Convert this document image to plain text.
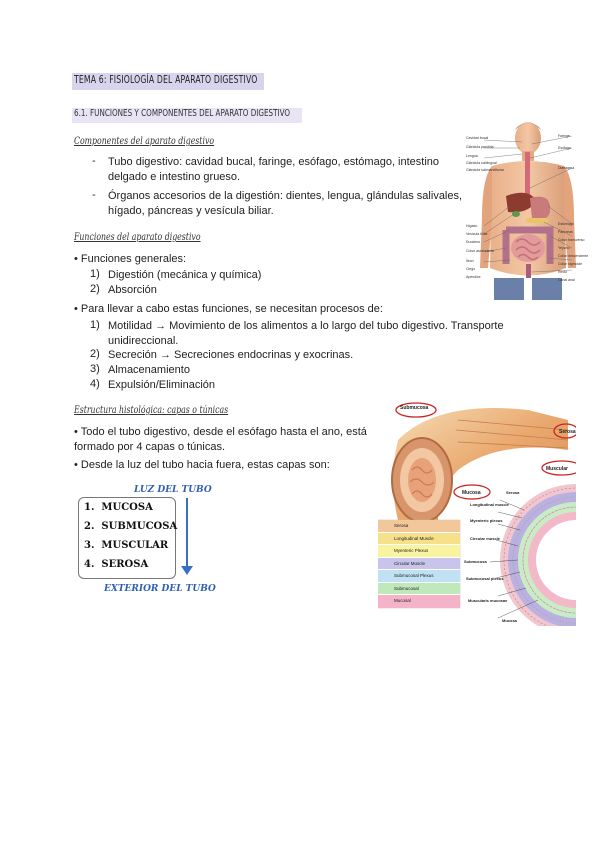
TEMA 6: FISIOLOGÍA DEL APARATO DIGESTIVO
6.1. FUNCIONES Y COMPONENTES DEL APARATO DIGESTIVO
Componentes del aparato digestivo
- Tubo digestivo: cavidad bucal, faringe, esófago, estómago, intestino
delgado e intestino grueso.
- Órganos accesorios de la digestión: dientes, lengua, glándulas salivales,
hígado, páncreas y vesícula biliar.
Funciones del aparato digestivo
• Funciones generales:
1) Digestión (mecánica y química)
2) Absorción
• Para llevar a cabo estas funciones, se necesitan procesos de:
1) Motilidad → Movimiento de los alimentos a lo largo del tubo digestivo. Transporte
unidireccional.
2) Secreción → Secreciones endocrinas y exocrinas.
3) Almacenamiento
4) Expulsión/Eliminación
Estructura histológica: capas o túnicas
• Todo el tubo digestivo, desde el esófago hasta el ano, está
formado por 4 capas o túnicas.
• Desde la luz del tubo hacia fuera, estas capas son:
LUZ DEL TUBO
1.  MUCOSA
2.  SUBMUCOSA
3.  MUSCULAR
4.  SEROSA
EXTERIOR DEL TUBO
Cavidad bucal
Glándula parótida
Lengua
Glándula sublingual
Glándula submandibular
Hígado
Vesícula biliar
Duodeno
Colon ascendente
Íleon
Ciego
Apéndice
Faringe
Esófago
Diafragma
Estómago
Páncreas
Colon transverso
Yeyuno
Colon descendente
Colon sigmoide
Recto
Canal anal
Submucosa
Serosa
Muscular
Mucosa
Serosa
Longitudinal Muscle
Myenteric Plexus
Circular Muscle
Submucosal Plexus
Submucosal
Mucosal
Serosa
Longitudinal muscle
Myenteric plexus
Circular muscle
Submucosa
Submucosal plexus
Muscularis mucosae
Mucosa
